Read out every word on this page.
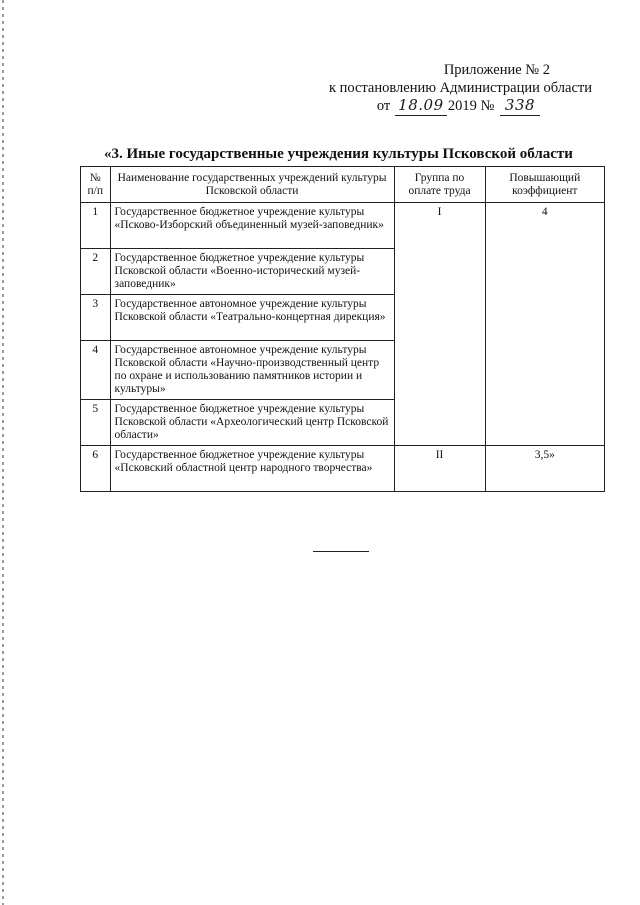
Приложение № 2
к постановлению Администрации области
от 18.09 2019 № 338
«3. Иные государственные учреждения культуры Псковской области
№ п/п	Наименование государственных учреждений культуры Псковской области	Группа по оплате труда	Повышающий коэффициент
1	Государственное бюджетное учреждение культуры «Псково-Изборский объединенный музей-заповедник»	I	4
2	Государственное бюджетное учреждение культуры Псковской области «Военно-исторический музей-заповедник»		
3	Государственное автономное учреждение культуры Псковской области «Театрально-концертная дирекция»		
4	Государственное автономное учреждение культуры Псковской области «Научно-производственный центр по охране и использованию памятников истории и культуры»		
5	Государственное бюджетное учреждение культуры Псковской области «Археологический центр Псковской области»		
6	Государственное бюджетное учреждение культуры «Псковский областной центр народного творчества»	II	3,5»
